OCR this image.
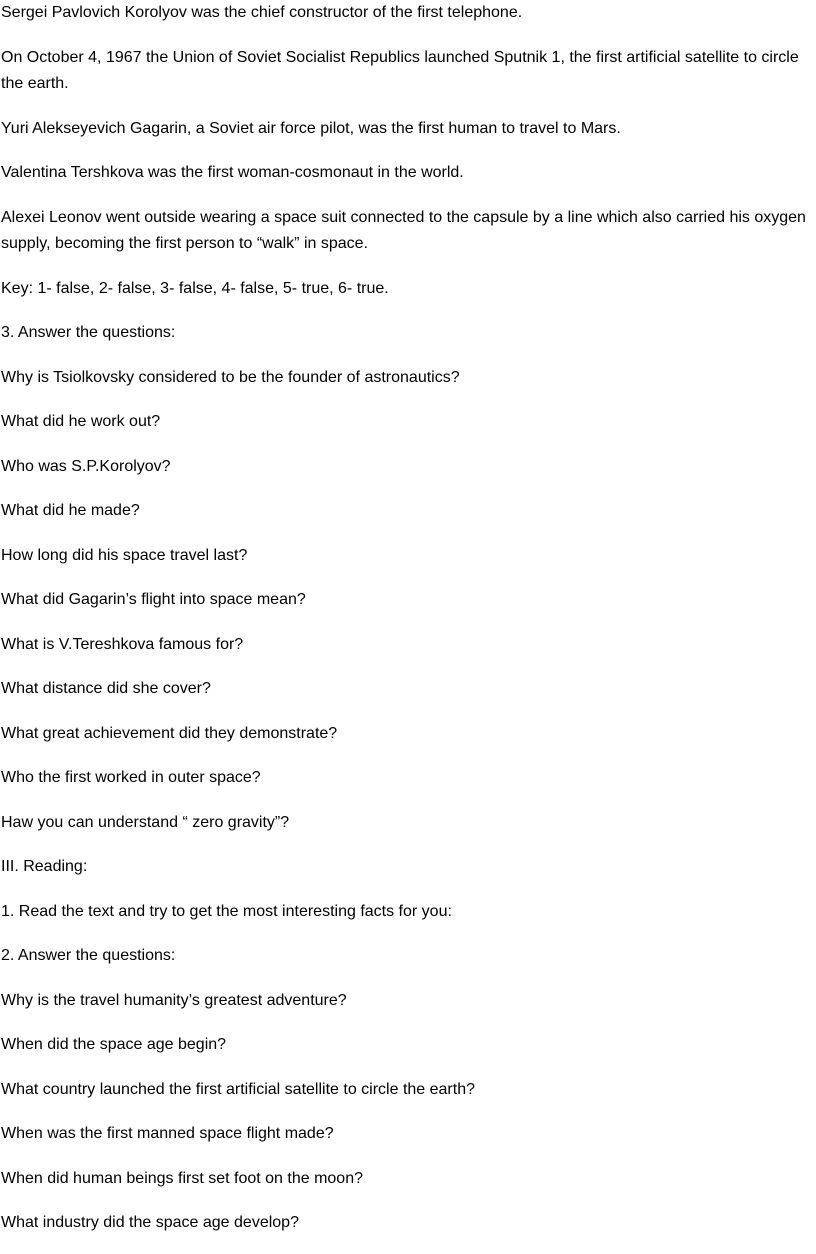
Sergei Pavlovich Korolyov was the chief constructor of the first telephone.

On October 4, 1967 the Union of Soviet Socialist Republics launched Sputnik 1, the first artificial satellite to circle the earth.

Yuri Alekseyevich Gagarin, a Soviet air force pilot, was the first human to travel to Mars.

Valentina Tershkova was the first woman-cosmonaut in the world.

Alexei Leonov went outside wearing a space suit connected to the capsule by a line which also carried his oxygen supply, becoming the first person to “walk” in space.

Key: 1- false, 2- false, 3- false, 4- false, 5- true, 6- true.

3. Answer the questions:

Why is Tsiolkovsky considered to be the founder of astronautics?

What did he work out?

Who was S.P.Korolyov?

What did he made?

How long did his space travel last?

What did Gagarin’s flight into space mean?

What is V.Tereshkova famous for?

What distance did she cover?

What great achievement did they demonstrate?

Who the first worked in outer space?

Haw you can understand “ zero gravity”?

III. Reading:

1. Read the text and try to get the most interesting facts for you:

2. Answer the questions:

Why is the travel humanity’s greatest adventure?

When did the space age begin?

What country launched the first artificial satellite to circle the earth?

When was the first manned space flight made?

When did human beings first set foot on the moon?

What industry did the space age develop?
